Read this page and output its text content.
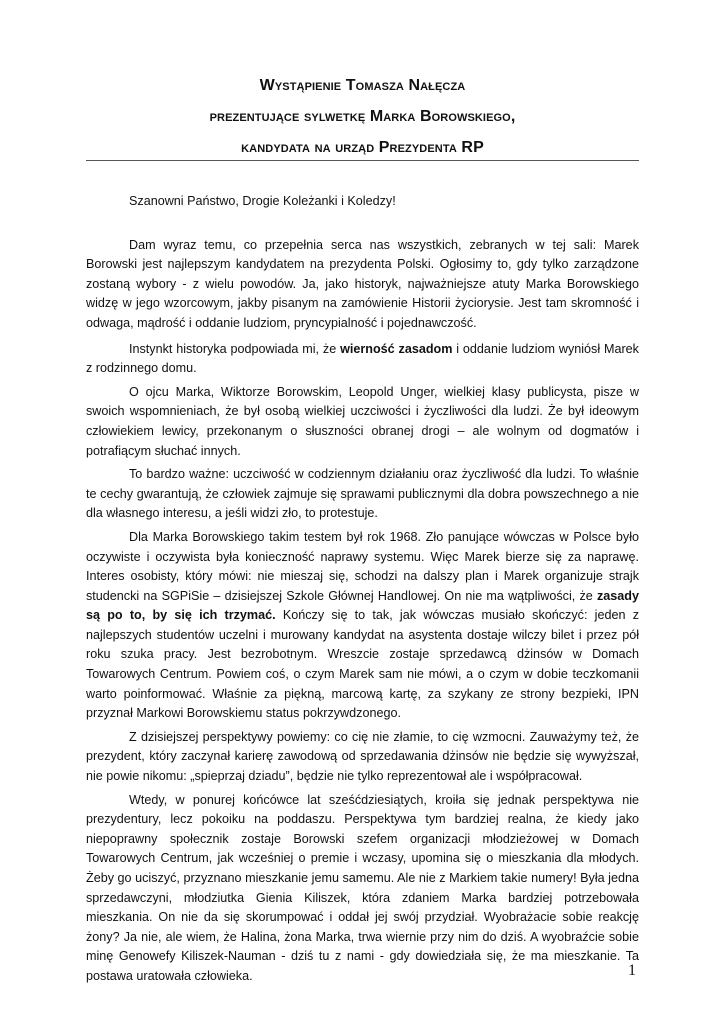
Wystąpienie Tomasza Nałęcza
prezentujące sylwetkę Marka Borowskiego,
kandydata na urząd Prezydenta RP

Szanowni Państwo, Drogie Koleżanki i Koledzy!

Dam wyraz temu, co przepełnia serca nas wszystkich, zebranych w tej sali: Marek Borowski jest najlepszym kandydatem na prezydenta Polski. Ogłosimy to, gdy tylko zarządzone zostaną wybory - z wielu powodów. Ja, jako historyk, najważniejsze atuty Marka Borowskiego widzę w jego wzorcowym, jakby pisanym na zamówienie Historii życiorysie. Jest tam skromność i odwaga, mądrość i oddanie ludziom, pryncypialność i pojednawczość.

Instynkt historyka podpowiada mi, że wierność zasadom i oddanie ludziom wyniósł Marek z rodzinnego domu.

O ojcu Marka, Wiktorze Borowskim, Leopold Unger, wielkiej klasy publicysta, pisze w swoich wspomnieniach, że był osobą wielkiej uczciwości i życzliwości dla ludzi. Że był ideowym człowiekiem lewicy, przekonanym o słuszności obranej drogi – ale wolnym od dogmatów i potrafiącym słuchać innych.

To bardzo ważne: uczciwość w codziennym działaniu oraz życzliwość dla ludzi. To właśnie te cechy gwarantują, że człowiek zajmuje się sprawami publicznymi dla dobra powszechnego a nie dla własnego interesu, a jeśli widzi zło, to protestuje.

Dla Marka Borowskiego takim testem był rok 1968. Zło panujące wówczas w Polsce było oczywiste i oczywista była konieczność naprawy systemu. Więc Marek bierze się za naprawę. Interes osobisty, który mówi: nie mieszaj się, schodzi na dalszy plan i Marek organizuje strajk studencki na SGPiSie – dzisiejszej Szkole Głównej Handlowej. On nie ma wątpliwości, że zasady są po to, by się ich trzymać. Kończy się to tak, jak wówczas musiało skończyć: jeden z najlepszych studentów uczelni i murowany kandydat na asystenta dostaje wilczy bilet i przez pół roku szuka pracy. Jest bezrobotnym. Wreszcie zostaje sprzedawcą dżinsów w Domach Towarowych Centrum. Powiem coś, o czym Marek sam nie mówi, a o czym w dobie teczkomanii warto poinformować. Właśnie za piękną, marcową kartę, za szykany ze strony bezpieki, IPN przyznał Markowi Borowskiemu status pokrzywdzonego.

Z dzisiejszej perspektywy powiemy: co cię nie złamie, to cię wzmocni. Zauważymy też, że prezydent, który zaczynał karierę zawodową od sprzedawania dżinsów nie będzie się wywyższał, nie powie nikomu: „spieprzaj dziadu”, będzie nie tylko reprezentował ale i współpracował.

Wtedy, w ponurej końcówce lat sześćdziesiątych, kroiła się jednak perspektywa nie prezydentury, lecz pokoiku na poddaszu. Perspektywa tym bardziej realna, że kiedy jako niepoprawny społecznik zostaje Borowski szefem organizacji młodzieżowej w Domach Towarowych Centrum, jak wcześniej o premie i wczasy, upomina się o mieszkania dla młodych. Żeby go uciszyć, przyznano mieszkanie jemu samemu. Ale nie z Markiem takie numery! Była jedna sprzedawczyni, młodziutka Gienia Kiliszek, która zdaniem Marka bardziej potrzebowała mieszkania. On nie da się skorumpować i oddał jej swój przydział. Wyobrażacie sobie reakcję żony? Ja nie, ale wiem, że Halina, żona Marka, trwa wiernie przy nim do dziś. A wyobraźcie sobie minę Genowefy Kiliszek-Nauman - dziś tu z nami - gdy dowiedziała się, że ma mieszkanie. Ta postawa uratowała człowieka.	1
